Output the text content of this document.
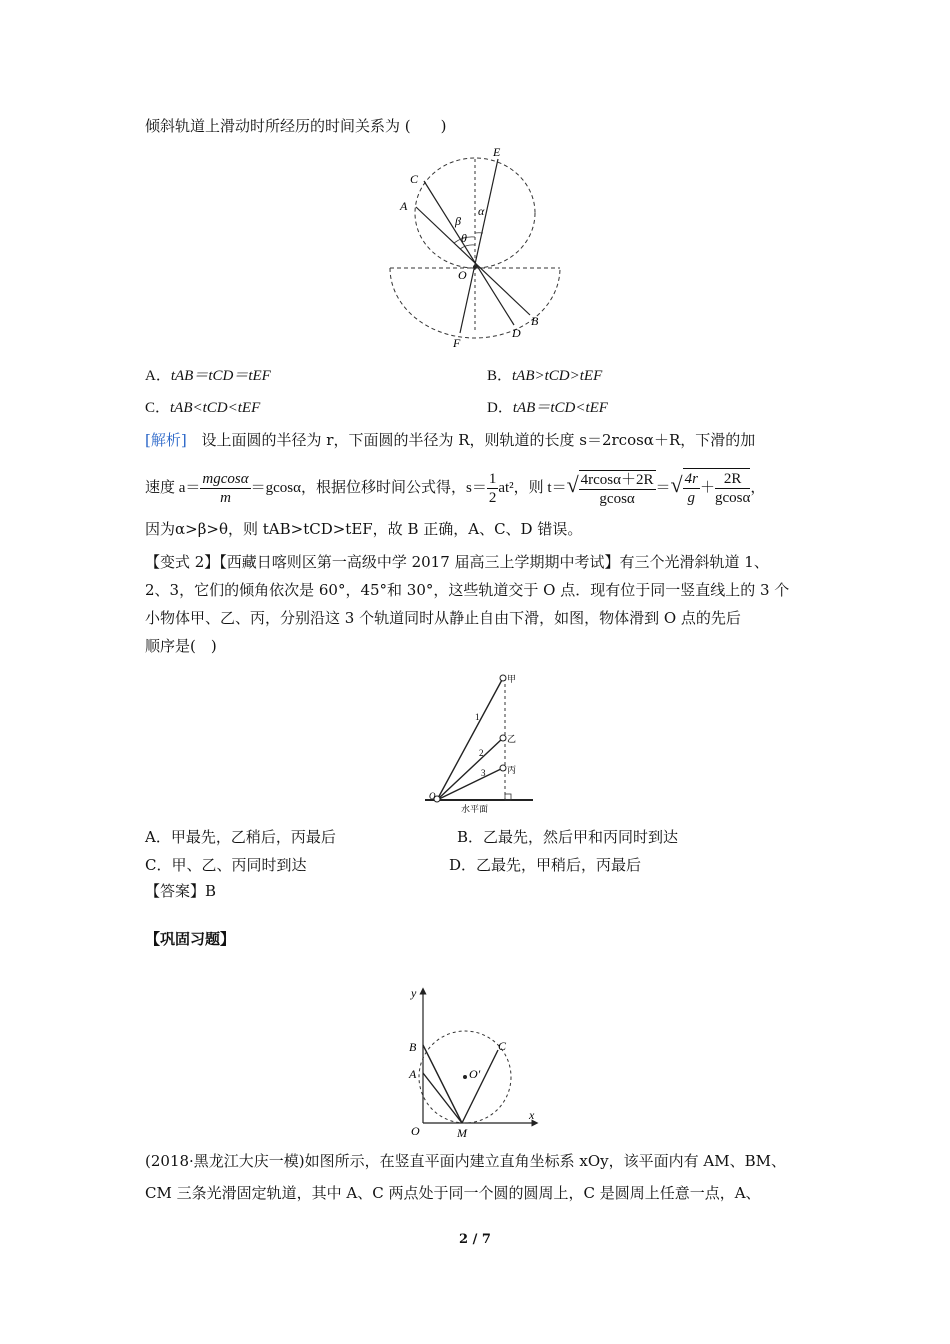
倾斜轨道上滑动时所经历的时间关系为 (　　)
E
C
A	α
β
θ
O
D
B
F
A．tAB＝tCD＝tEF	B．tAB>tCD>tEF
C．tAB<tCD<tEF	D．tAB＝tCD<tEF
[解析] 设上面圆的半径为 r，下面圆的半径为 R，则轨道的长度 s＝2rcosα＋R，下滑的加
速度 $a= \frac{mgcos\alpha}{m} =gcos\alpha$，根据位移时间公式得，$s= \frac{1}{2} at^2$，则 $t=√ \frac{4rcos\alpha+2R}{gcos\alpha}$ ＝√ $\frac{4r}{g} + \frac{2R}{gcos\alpha}$ ，
因为α>β>θ，则 tAB>tCD>tEF，故 B 正确，A、C、D 错误。
【变式 2】【西藏日喀则区第一高级中学 2017 届高三上学期期中考试】有三个光滑斜轨道 1、
2、3，它们的倾角依次是 60°，45°和 30°，这些轨道交于 O 点．现有位于同一竖直线上的 3 个
小物体甲、乙、丙，分别沿这 3 个轨道同时从静止自由下滑，如图，物体滑到 O 点的先后
顺序是(　)
甲
乙
丙
1
2
3
O
水平面
A．甲最先，乙稍后，丙最后	B．乙最先，然后甲和丙同时到达
C．甲、乙、丙同时到达	D．乙最先，甲稍后，丙最后
【答案】B
【巩固习题】
y
x
B
A
C
O′
O	M
(2018·黑龙江大庆一模)如图所示，在竖直平面内建立直角坐标系 xOy，该平面内有 AM、BM、
CM 三条光滑固定轨道，其中 A、C 两点处于同一个圆的圆周上，C 是圆周上任意一点，A、
2 / 7
